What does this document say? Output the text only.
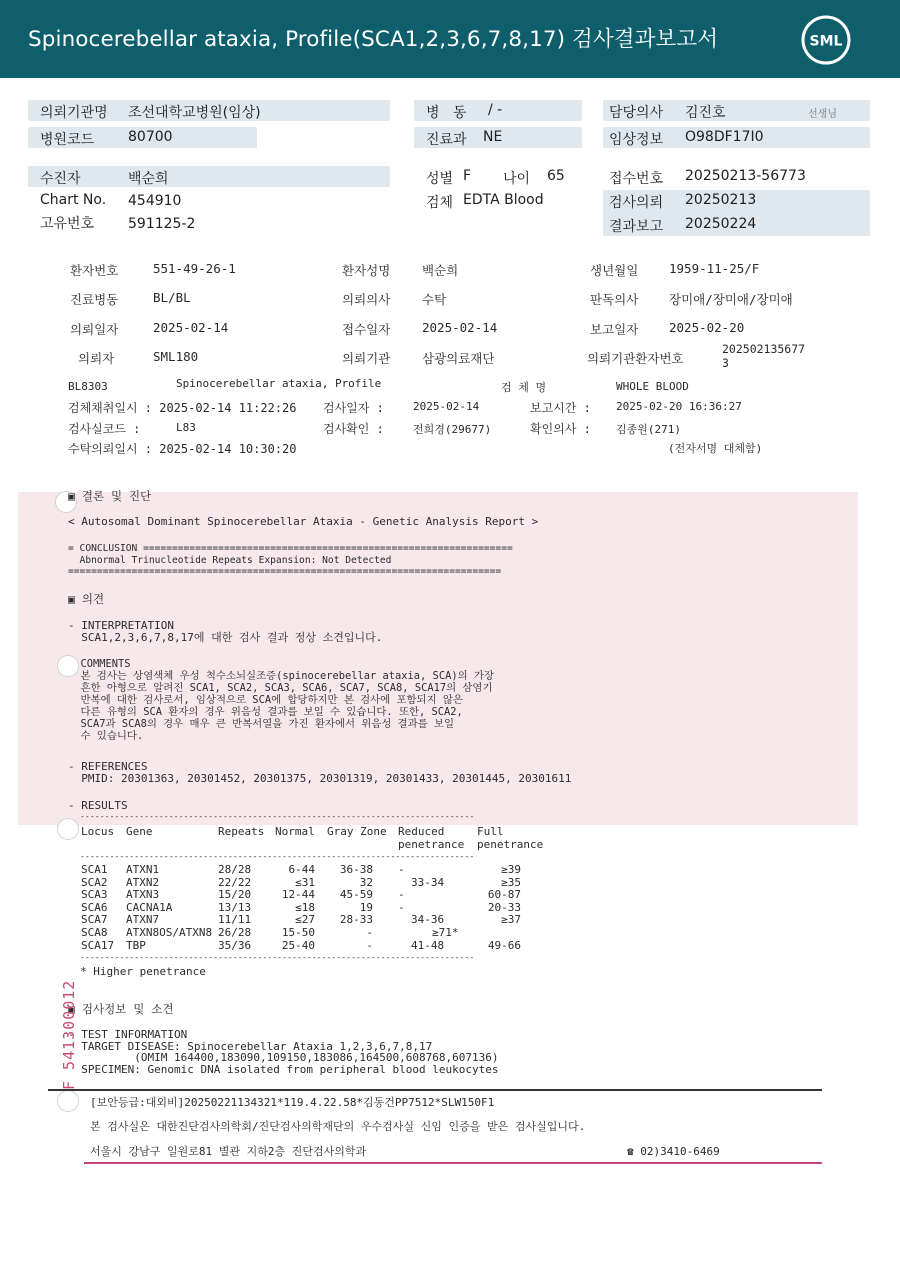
Spinocerebellar ataxia, Profile(SCA1,2,3,6,7,8,17) 검사결과보고서	SML
의뢰기관명 조선대학교병원(임상)
병원코드 80700
병   동 / -
진료과 NE
담당의사 김진호	선생님
임상정보 O98DF17I0
수진자	백순희
Chart No. 454910
고유번호 591125-2
성별 F 나이 65
검체 EDTA Blood
접수번호 20250213-56773
검사의뢰 20250213
결과보고 20250224
환자번호	551-49-26-1	환자성명	백순희	생년월일 1959-11-25/F
진료병동	BL/BL	의뢰의사	수탁	판독의사 장미애/장미애/장미애
의뢰일자	2025-02-14	접수일자	2025-02-14	보고일자 2025-02-20
의뢰자	SML180	의뢰기관	삼광의료재단	의뢰기관환자번호
202502135677
3
BL8303	Spinocerebellar ataxia, Profile	검 체 명	WHOLE BLOOD
검체채취일시 : 2025-02-14 11:22:26 검사일자 :	2025-02-14	보고시간 : 2025-02-20 16:36:27
검사실코드 :	L83	검사확인 :	전희경(29677)	확인의사 : 김종원(271)
수탁의뢰일시 : 2025-02-14 10:30:20	(전자서명 대체함)
▣ 결론 및 진단
< Autosomal Dominant Spinocerebellar Ataxia - Genetic Analysis Report >
= CONCLUSION ================================================================
Abnormal Trinucleotide Repeats Expansion: Not Detected
===========================================================================
▣ 의견
- INTERPRETATION
SCA1,2,3,6,7,8,17에 대한 검사 결과 정상 소견입니다.
COMMENTS
본 검사는 상염색체 우성 척수소뇌실조증(spinocerebellar ataxia, SCA)의 가장
흔한 아형으로 알려진 SCA1, SCA2, SCA3, SCA6, SCA7, SCA8, SCA17의 삼염기
반복에 대한 검사로서, 임상적으로 SCA에 합당하지만 본 검사에 포함되지 않은
다른 유형의 SCA 환자의 경우 위음성 결과를 보일 수 있습니다. 또한, SCA2,
SCA7과 SCA8의 경우 매우 큰 반복서열을 가진 환자에서 위음성 결과를 보일
수 있습니다.
- REFERENCES
PMID: 20301363, 20301452, 20301375, 20301319, 20301433, 20301445, 20301611
- RESULTS
--------------------------------------------------------------------------------
Locus Gene	Repeats Normal Gray Zone Reduced
penetrance
Full
penetrance
--------------------------------------------------------------------------------
SCA1 ATXN1	28/28	6-44 36-38 -	≥39
SCA2 ATXN2	22/22	≤31	32	33-34	≥35
SCA3 ATXN3	15/20	12-44 45-59 -	60-87
SCA6 CACNA1A	13/13	≤18	19 -	20-33
SCA7 ATXN7	11/11	≤27 28-33	34-36	≥37
SCA8 ATXN8OS/ATXN8 26/28	15-50	-	≥71*
SCA17 TBP	35/36	25-40	-	41-48	49-66
--------------------------------------------------------------------------------
* Higher penetrance
▣ 검사정보 및 소견
- TEST INFORMATION
TARGET DISEASE: Spinocerebellar Ataxia 1,2,3,6,7,8,17
(OMIM 164400,183090,109150,183086,164500,608768,607136)
SPECIMEN: Genomic DNA isolated from peripheral blood leukocytes
[보안등급:대외비]20250221134321*119.4.22.58*김동건PP7512*SLW150F1
본 검사실은 대한진단검사의학회/진단검사의학재단의 우수검사실 신임 인증을 받은 검사실입니다.
서울시 강남구 일원로81 별관 지하2층 진단검사의학과	☎ 02)3410-6469
F 541300012
